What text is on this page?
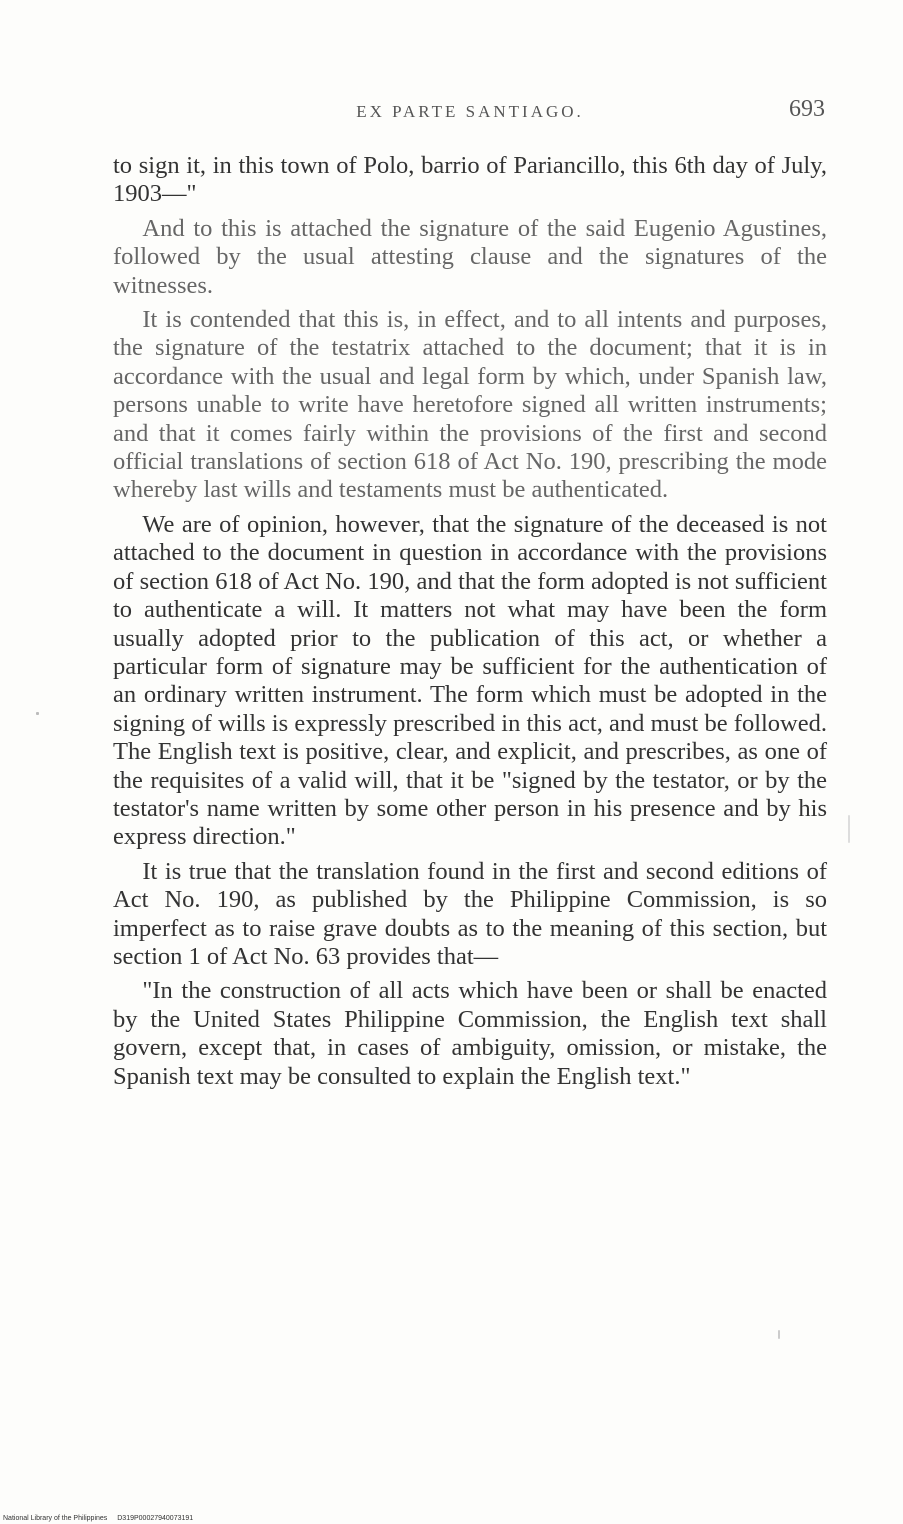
EX PARTE SANTIAGO.	693

to sign it, in this town of Polo, barrio of Pariancillo, this 6th day of July, 1903—"

And to this is attached the signature of the said Eugenio Agustines, followed by the usual attesting clause and the signatures of the witnesses.

It is contended that this is, in effect, and to all intents and purposes, the signature of the testatrix attached to the document; that it is in accordance with the usual and legal form by which, under Spanish law, persons unable to write have heretofore signed all written instruments; and that it comes fairly within the provisions of the first and second official translations of section 618 of Act No. 190, prescribing the mode whereby last wills and testaments must be authenticated.

We are of opinion, however, that the signature of the deceased is not attached to the document in question in accordance with the provisions of section 618 of Act No. 190, and that the form adopted is not sufficient to authenticate a will. It matters not what may have been the form usually adopted prior to the publication of this act, or whether a particular form of signature may be sufficient for the authentication of an ordinary written instrument. The form which must be adopted in the signing of wills is expressly prescribed in this act, and must be followed. The English text is positive, clear, and explicit, and prescribes, as one of the requisites of a valid will, that it be "signed by the testator, or by the testator's name written by some other person in his presence and by his express direction."

It is true that the translation found in the first and second editions of Act No. 190, as published by the Philippine Commission, is so imperfect as to raise grave doubts as to the meaning of this section, but section 1 of Act No. 63 provides that—

"In the construction of all acts which have been or shall be enacted by the United States Philippine Commission, the English text shall govern, except that, in cases of ambiguity, omission, or mistake, the Spanish text may be consulted to explain the English text."

National Library of the Philippines D319P00027940073191
